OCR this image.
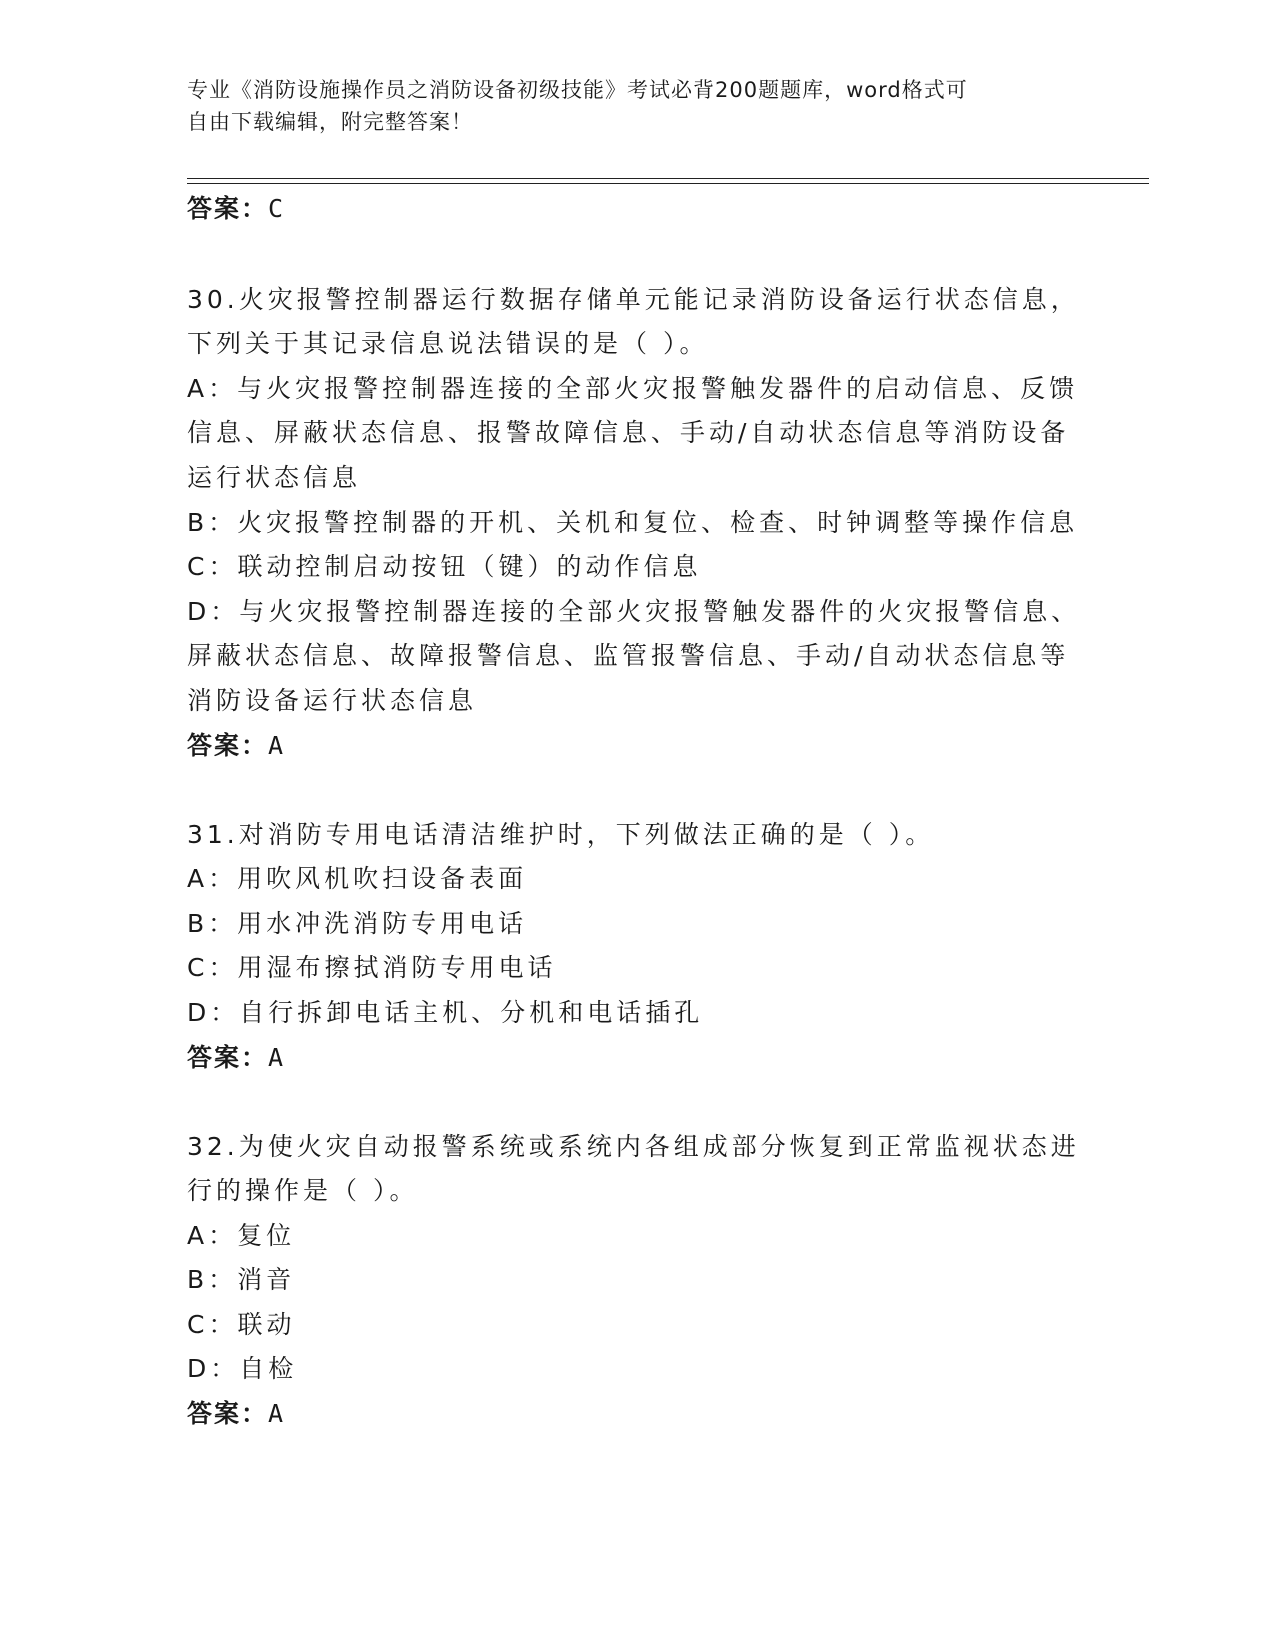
专业《消防设施操作员之消防设备初级技能》考试必背200题题库，word格式可
自由下载编辑，附完整答案！
答案：C
30.火灾报警控制器运行数据存储单元能记录消防设备运行状态信息，
下列关于其记录信息说法错误的是（ ）。
A：与火灾报警控制器连接的全部火灾报警触发器件的启动信息、反馈
信息、屏蔽状态信息、报警故障信息、手动/自动状态信息等消防设备
运行状态信息
B：火灾报警控制器的开机、关机和复位、检查、时钟调整等操作信息
C：联动控制启动按钮（键）的动作信息
D：与火灾报警控制器连接的全部火灾报警触发器件的火灾报警信息、
屏蔽状态信息、故障报警信息、监管报警信息、手动/自动状态信息等
消防设备运行状态信息
答案：A
31.对消防专用电话清洁维护时，下列做法正确的是（ ）。
A：用吹风机吹扫设备表面
B：用水冲洗消防专用电话
C：用湿布擦拭消防专用电话
D：自行拆卸电话主机、分机和电话插孔
答案：A
32.为使火灾自动报警系统或系统内各组成部分恢复到正常监视状态进
行的操作是（ ）。
A：复位
B：消音
C：联动
D：自检
答案：A
